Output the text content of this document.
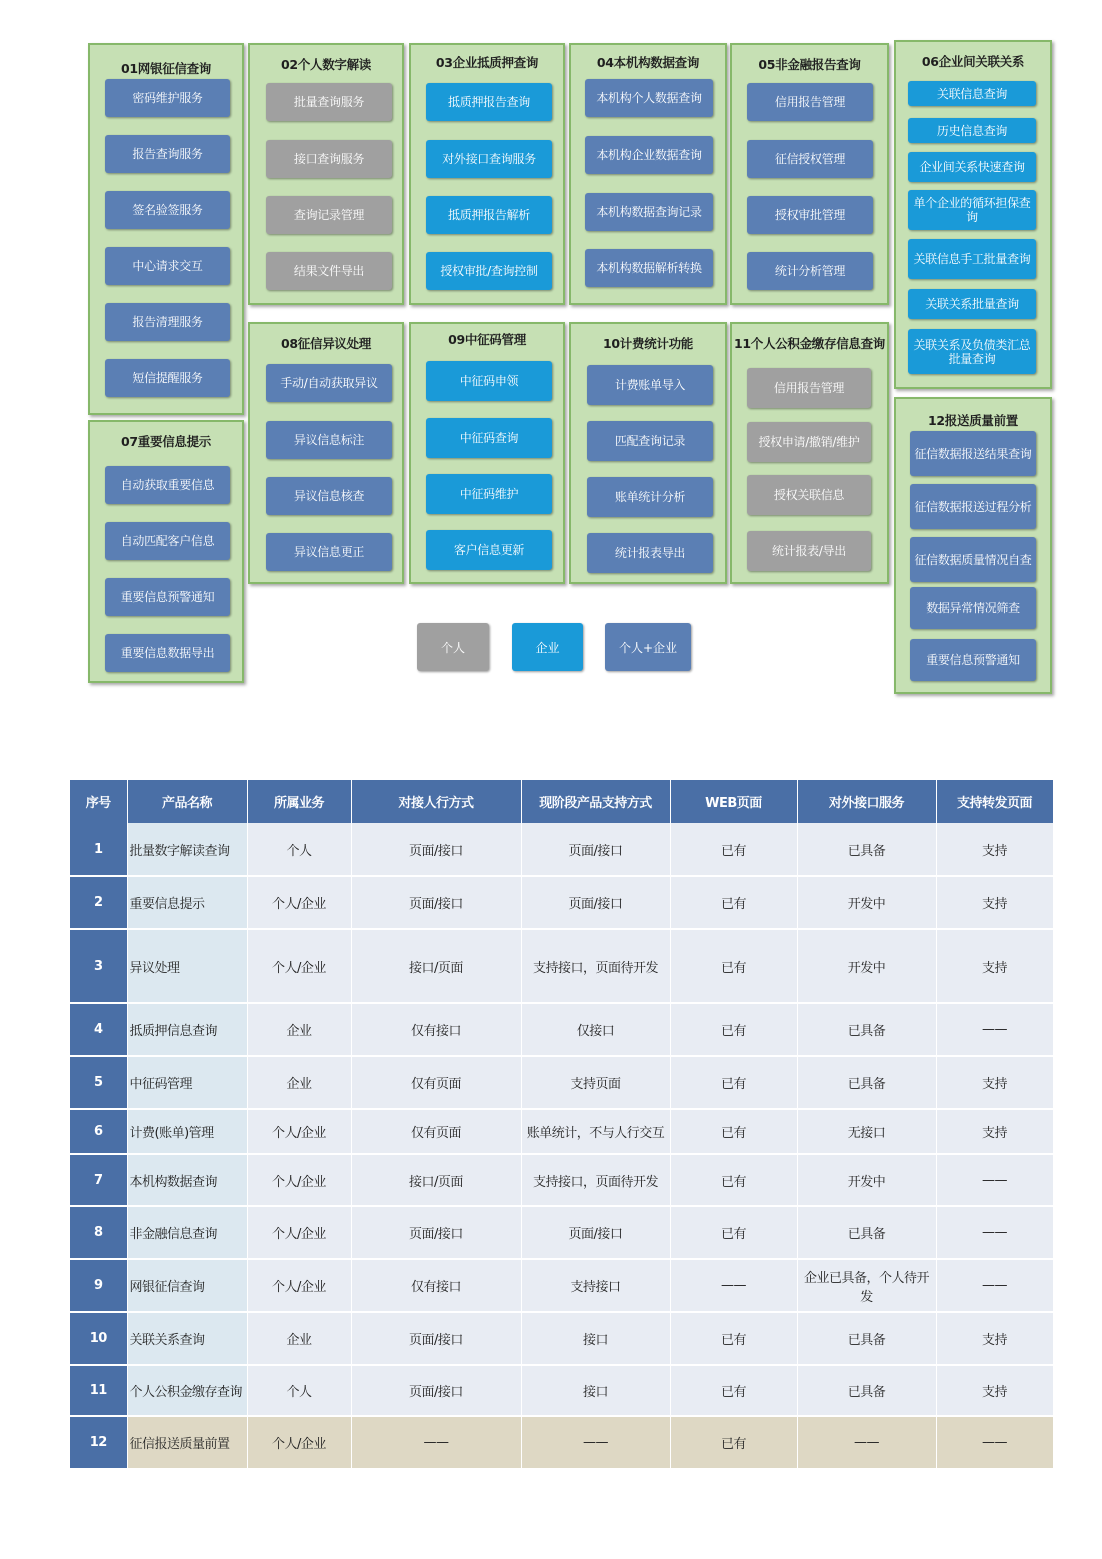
01网银征信查询
密码维护服务
报告查询服务
签名验签服务
中心请求交互
报告清理服务
短信提醒服务
02个人数字解读
批量查询服务
接口查询服务
查询记录管理
结果文件导出
03企业抵质押查询
抵质押报告查询
对外接口查询服务
抵质押报告解析
授权审批/查询控制
04本机构数据查询
本机构个人数据查询
本机构企业数据查询
本机构数据查询记录
本机构数据解析转换
05非金融报告查询
信用报告管理
征信授权管理
授权审批管理
统计分析管理
06企业间关联关系
关联信息查询
历史信息查询
企业间关系快速查询
单个企业的循环担保查询
关联信息手工批量查询
关联关系批量查询
关联关系及负债类汇总批量查询
07重要信息提示
自动获取重要信息
自动匹配客户信息
重要信息预警通知
重要信息数据导出
08征信异议处理
手动/自动获取异议
异议信息标注
异议信息核查
异议信息更正
09中征码管理
中征码申领
中征码查询
中征码维护
客户信息更新
10计费统计功能
计费账单导入
匹配查询记录
账单统计分析
统计报表导出
11个人公积金缴存信息查询
信用报告管理
授权申请/撤销/维护
授权关联信息
统计报表/导出
12报送质量前置
征信数据报送结果查询
征信数据报送过程分析
征信数据质量情况自查
数据异常情况筛查
重要信息预警通知
个人	企业	个人+企业
序号	产品名称	所属业务	对接人行方式	现阶段产品支持方式	WEB页面	对外接口服务	支持转发页面
1	批量数字解读查询	个人	页面/接口	页面/接口	已有	已具备	支持
2	重要信息提示	个人/企业	页面/接口	页面/接口	已有	开发中	支持
3	异议处理	个人/企业	接口/页面	支持接口，页面待开发	已有	开发中	支持
4	抵质押信息查询	企业	仅有接口	仅接口	已有	已具备	——
5	中征码管理	企业	仅有页面	支持页面	已有	已具备	支持
6	计费(账单)管理	个人/企业	仅有页面	账单统计，不与人行交互	已有	无接口	支持
7	本机构数据查询	个人/企业	接口/页面	支持接口，页面待开发	已有	开发中	——
8	非金融信息查询	个人/企业	页面/接口	页面/接口	已有	已具备	——
9	网银征信查询	个人/企业	仅有接口	支持接口	——	企业已具备，个人待开发	——
10	关联关系查询	企业	页面/接口	接口	已有	已具备	支持
11	个人公积金缴存查询	个人	页面/接口	接口	已有	已具备	支持
12	征信报送质量前置	个人/企业	——	——	已有	——	——
